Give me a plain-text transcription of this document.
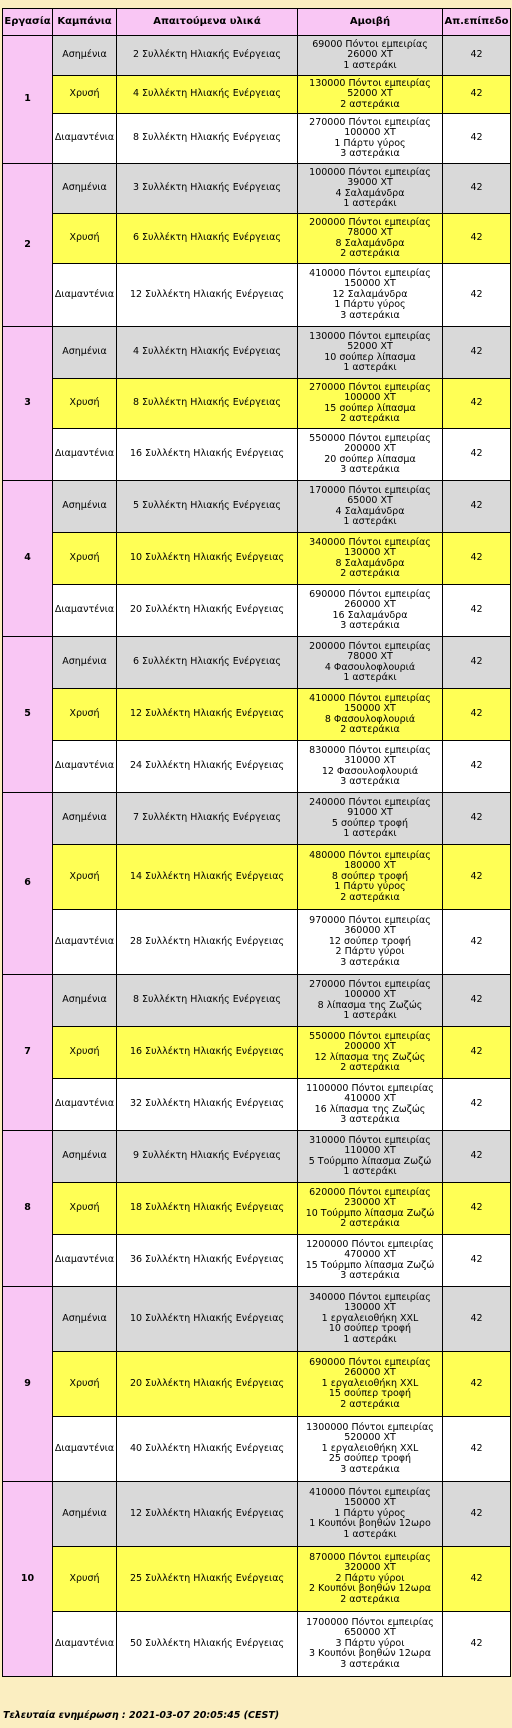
Εργασία	Καμπάνια	Απαιτούμενα υλικά	Αμοιβή	Απ.επίπεδο
1	Ασημένια	2 Συλλέκτη Ηλιακής Ενέργειας	69000 Πόντοι εμπειρίας
26000 ΧΤ
1 αστεράκι	42
	Χρυσή	4 Συλλέκτη Ηλιακής Ενέργειας	130000 Πόντοι εμπειρίας
52000 ΧΤ
2 αστεράκια	42
	Διαμαντένια	8 Συλλέκτη Ηλιακής Ενέργειας	270000 Πόντοι εμπειρίας
100000 ΧΤ
1 Πάρτυ γύρος
3 αστεράκια	42
2	Ασημένια	3 Συλλέκτη Ηλιακής Ενέργειας	100000 Πόντοι εμπειρίας
39000 ΧΤ
4 Σαλαμάνδρα
1 αστεράκι	42
	Χρυσή	6 Συλλέκτη Ηλιακής Ενέργειας	200000 Πόντοι εμπειρίας
78000 ΧΤ
8 Σαλαμάνδρα
2 αστεράκια	42
	Διαμαντένια	12 Συλλέκτη Ηλιακής Ενέργειας	410000 Πόντοι εμπειρίας
150000 ΧΤ
12 Σαλαμάνδρα
1 Πάρτυ γύρος
3 αστεράκια	42
3	Ασημένια	4 Συλλέκτη Ηλιακής Ενέργειας	130000 Πόντοι εμπειρίας
52000 ΧΤ
10 σούπερ λίπασμα
1 αστεράκι	42
	Χρυσή	8 Συλλέκτη Ηλιακής Ενέργειας	270000 Πόντοι εμπειρίας
100000 ΧΤ
15 σούπερ λίπασμα
2 αστεράκια	42
	Διαμαντένια	16 Συλλέκτη Ηλιακής Ενέργειας	550000 Πόντοι εμπειρίας
200000 ΧΤ
20 σούπερ λίπασμα
3 αστεράκια	42
4	Ασημένια	5 Συλλέκτη Ηλιακής Ενέργειας	170000 Πόντοι εμπειρίας
65000 ΧΤ
4 Σαλαμάνδρα
1 αστεράκι	42
	Χρυσή	10 Συλλέκτη Ηλιακής Ενέργειας	340000 Πόντοι εμπειρίας
130000 ΧΤ
8 Σαλαμάνδρα
2 αστεράκια	42
	Διαμαντένια	20 Συλλέκτη Ηλιακής Ενέργειας	690000 Πόντοι εμπειρίας
260000 ΧΤ
16 Σαλαμάνδρα
3 αστεράκια	42
5	Ασημένια	6 Συλλέκτη Ηλιακής Ενέργειας	200000 Πόντοι εμπειρίας
78000 ΧΤ
4 Φασουλοφλουριά
1 αστεράκι	42
	Χρυσή	12 Συλλέκτη Ηλιακής Ενέργειας	410000 Πόντοι εμπειρίας
150000 ΧΤ
8 Φασουλοφλουριά
2 αστεράκια	42
	Διαμαντένια	24 Συλλέκτη Ηλιακής Ενέργειας	830000 Πόντοι εμπειρίας
310000 ΧΤ
12 Φασουλοφλουριά
3 αστεράκια	42
6	Ασημένια	7 Συλλέκτη Ηλιακής Ενέργειας	240000 Πόντοι εμπειρίας
91000 ΧΤ
5 σούπερ τροφή
1 αστεράκι	42
	Χρυσή	14 Συλλέκτη Ηλιακής Ενέργειας	480000 Πόντοι εμπειρίας
180000 ΧΤ
8 σούπερ τροφή
1 Πάρτυ γύρος
2 αστεράκια	42
	Διαμαντένια	28 Συλλέκτη Ηλιακής Ενέργειας	970000 Πόντοι εμπειρίας
360000 ΧΤ
12 σούπερ τροφή
2 Πάρτυ γύροι
3 αστεράκια	42
7	Ασημένια	8 Συλλέκτη Ηλιακής Ενέργειας	270000 Πόντοι εμπειρίας
100000 ΧΤ
8 λίπασμα της Ζωζώς
1 αστεράκι	42
	Χρυσή	16 Συλλέκτη Ηλιακής Ενέργειας	550000 Πόντοι εμπειρίας
200000 ΧΤ
12 λίπασμα της Ζωζώς
2 αστεράκια	42
	Διαμαντένια	32 Συλλέκτη Ηλιακής Ενέργειας	1100000 Πόντοι εμπειρίας
410000 ΧΤ
16 λίπασμα της Ζωζώς
3 αστεράκια	42
8	Ασημένια	9 Συλλέκτη Ηλιακής Ενέργειας	310000 Πόντοι εμπειρίας
110000 ΧΤ
5 Τούρμπο λίπασμα Ζωζώ
1 αστεράκι	42
	Χρυσή	18 Συλλέκτη Ηλιακής Ενέργειας	620000 Πόντοι εμπειρίας
230000 ΧΤ
10 Τούρμπο λίπασμα Ζωζώ
2 αστεράκια	42
	Διαμαντένια	36 Συλλέκτη Ηλιακής Ενέργειας	1200000 Πόντοι εμπειρίας
470000 ΧΤ
15 Τούρμπο λίπασμα Ζωζώ
3 αστεράκια	42
9	Ασημένια	10 Συλλέκτη Ηλιακής Ενέργειας	340000 Πόντοι εμπειρίας
130000 ΧΤ
1 εργαλειοθήκη XXL
10 σούπερ τροφή
1 αστεράκι	42
	Χρυσή	20 Συλλέκτη Ηλιακής Ενέργειας	690000 Πόντοι εμπειρίας
260000 ΧΤ
1 εργαλειοθήκη XXL
15 σούπερ τροφή
2 αστεράκια	42
	Διαμαντένια	40 Συλλέκτη Ηλιακής Ενέργειας	1300000 Πόντοι εμπειρίας
520000 ΧΤ
1 εργαλειοθήκη XXL
25 σούπερ τροφή
3 αστεράκια	42
10	Ασημένια	12 Συλλέκτη Ηλιακής Ενέργειας	410000 Πόντοι εμπειρίας
150000 ΧΤ
1 Πάρτυ γύρος
1 Κουπόνι βοηθών 12ωρο
1 αστεράκι	42
	Χρυσή	25 Συλλέκτη Ηλιακής Ενέργειας	870000 Πόντοι εμπειρίας
320000 ΧΤ
2 Πάρτυ γύροι
2 Κουπόνι βοηθών 12ωρα
2 αστεράκια	42
	Διαμαντένια	50 Συλλέκτη Ηλιακής Ενέργειας	1700000 Πόντοι εμπειρίας
650000 ΧΤ
3 Πάρτυ γύροι
3 Κουπόνι βοηθών 12ωρα
3 αστεράκια	42
Τελευταία ενημέρωση : 2021-03-07 20:05:45 (CEST)
